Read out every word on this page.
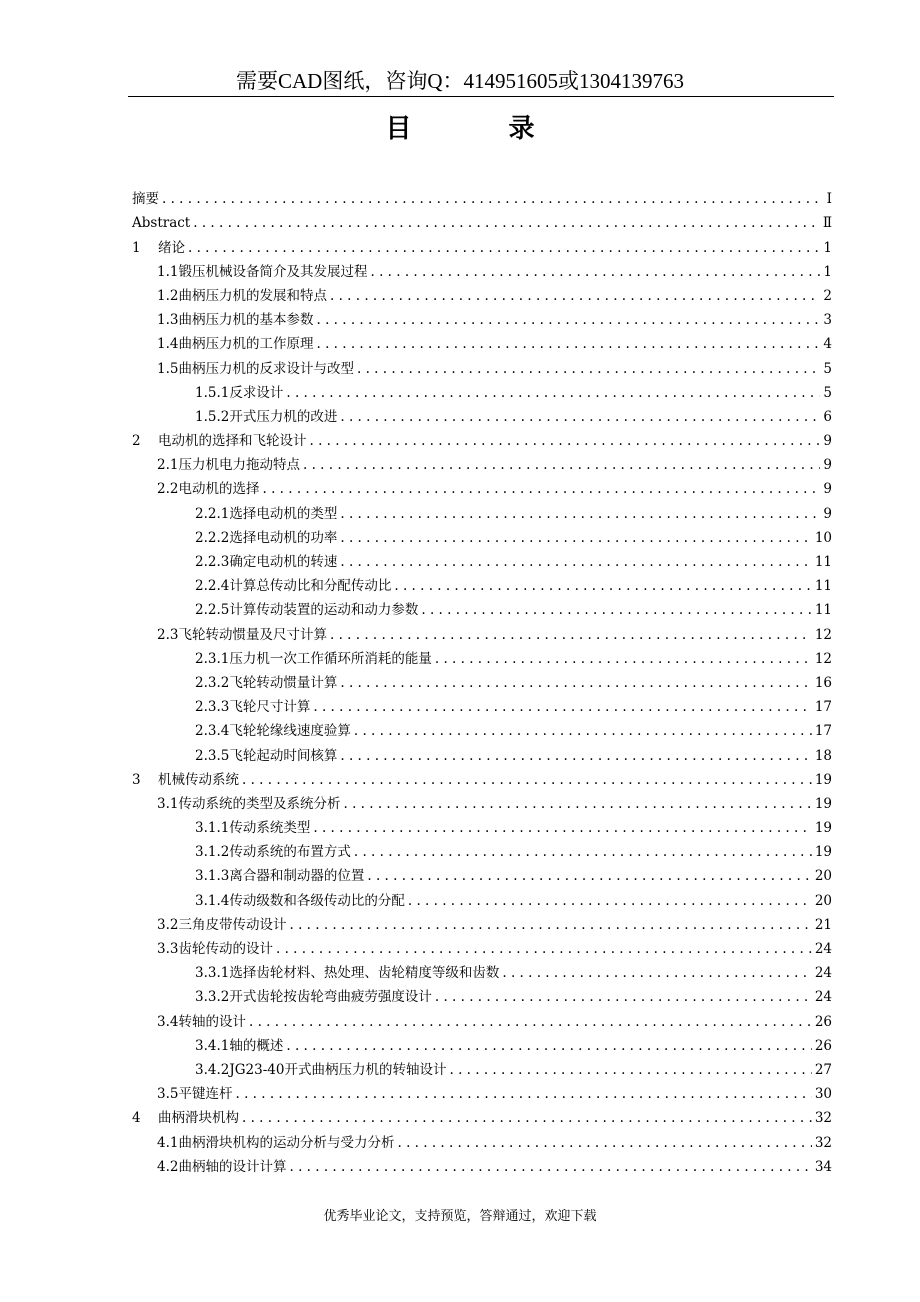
需要CAD图纸，咨询Q：414951605或1304139763
目 录
摘要 . . .	Ⅰ
Abstract . . .	Ⅱ
1 绪论 . . .	1
1.1锻压机械设备简介及其发展过程 . . .	1
1.2曲柄压力机的发展和特点 . . .	2
1.3曲柄压力机的基本参数 . . .	3
1.4曲柄压力机的工作原理 . . .	4
1.5曲柄压力机的反求设计与改型 . . .	5
1.5.1反求设计 . . .	5
1.5.2开式压力机的改进 . . .	6
2 电动机的选择和飞轮设计 . . .	9
2.1压力机电力拖动特点 . . .	9
2.2电动机的选择 . . .	9
2.2.1选择电动机的类型 . . .	9
2.2.2选择电动机的功率 . . .	10
2.2.3确定电动机的转速 . . .	11
2.2.4计算总传动比和分配传动比 . . .	11
2.2.5计算传动装置的运动和动力参数 . . .	11
2.3飞轮转动惯量及尺寸计算 . . .	12
2.3.1压力机一次工作循环所消耗的能量 . . .	12
2.3.2飞轮转动惯量计算 . . .	16
2.3.3飞轮尺寸计算 . . .	17
2.3.4飞轮轮缘线速度验算 . . .	17
2.3.5飞轮起动时间核算 . . .	18
3 机械传动系统 . . .	19
3.1传动系统的类型及系统分析 . . .	19
3.1.1传动系统类型 . . .	19
3.1.2传动系统的布置方式 . . .	19
3.1.3离合器和制动器的位置 . . .	20
3.1.4传动级数和各级传动比的分配 . . .	20
3.2三角皮带传动设计 . . .	21
3.3齿轮传动的设计 . . .	24
3.3.1选择齿轮材料、热处理、齿轮精度等级和齿数 . . .	24
3.3.2开式齿轮按齿轮弯曲疲劳强度设计 . . .	24
3.4转轴的设计 . . .	26
3.4.1轴的概述 . . .	26
3.4.2JG23-40开式曲柄压力机的转轴设计 . . .	27
3.5平键连杆 . . .	30
4 曲柄滑块机构 . . .	32
4.1曲柄滑块机构的运动分析与受力分析 . . .	32
4.2曲柄轴的设计计算 . . .	34
优秀毕业论文，支持预览，答辩通过，欢迎下载
